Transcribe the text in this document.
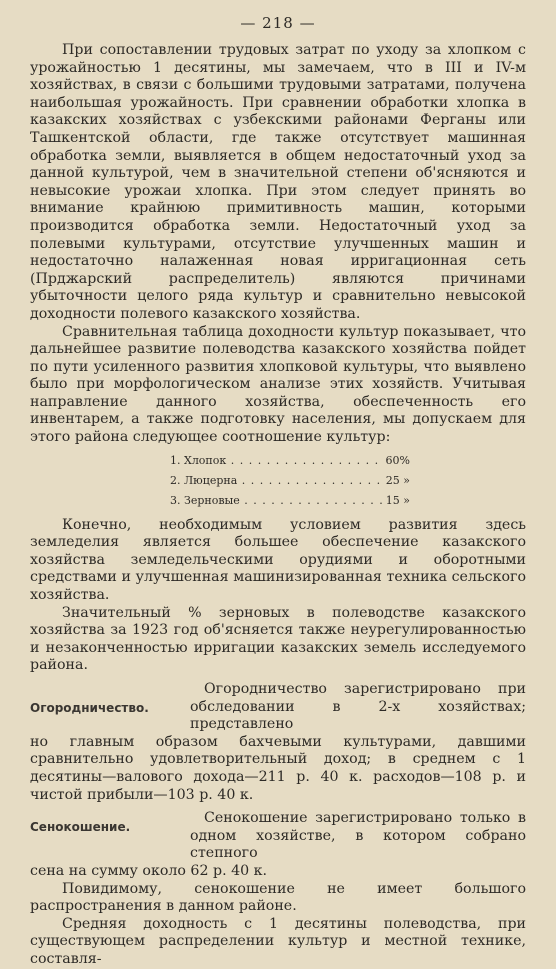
— 218 —

При сопоставлении трудовых затрат по уходу за хлопком с урожайностью 1 десятины, мы замечаем, что в III и IV-м хозяйствах, в связи с большими трудовыми затратами, получена наибольшая урожайность. При сравнении обработки хлопка в казакских хозяйствах с узбекскими районами Ферганы или Ташкентской области, где также отсутствует машинная обработка земли, выявляется в общем недостаточный уход за данной культурой, чем в значительной степени об'ясняются и невысокие урожаи хлопка. При этом следует принять во внимание крайнюю примитивность машин, которыми производится обработка земли. Недостаточный уход за полевыми культурами, отсутствие улучшенных машин и недостаточно налаженная новая ирригационная сеть (Прджарский распределитель) являются причинами убыточности целого ряда культур и сравнительно невысокой доходности полевого казакского хозяйства.

Сравнительная таблица доходности культур показывает, что дальнейшее развитие полеводства казакского хозяйства пойдет по пути усиленного развития хлопковой культуры, что выявлено было при морфологическом анализе этих хозяйств. Учитывая направление данного хозяйства, обеспеченность его инвентарем, а также подготовку населения, мы допускаем для этого района следующее соотношение культур:

1. Хлопок . . .	60%
2. Люцерна . . .	25 »
3. Зерновые . . .	15 »

Конечно, необходимым условием развития здесь земледелия является большее обеспечение казакского хозяйства земледельческими орудиями и оборотными средствами и улучшенная машинизированная техника сельского хозяйства.

Значительный % зерновых в полеводстве казакского хозяйства за 1923 год об'ясняется также неурегулированностью и незаконченностью ирригации казакских земель исследуемого района.

Огородничество.

Огородничество зарегистрировано при обследовании в 2-х хозяйствах; представлено

но главным образом бахчевыми культурами, давшими сравнительно удовлетворительный доход; в среднем с 1 десятины—валового дохода—211 р. 40 к. расходов—108 р. и чистой прибыли—103 р. 40 к.

Сенокошение.

Сенокошение зарегистрировано только в одном хозяйстве, в котором собрано степного

сена на сумму около 62 р. 40 к.

Повидимому, сенокошение не имеет большого распространения в данном районе.

Средняя доходность с 1 десятины полеводства, при существующем распределении культур и местной технике, составля-
